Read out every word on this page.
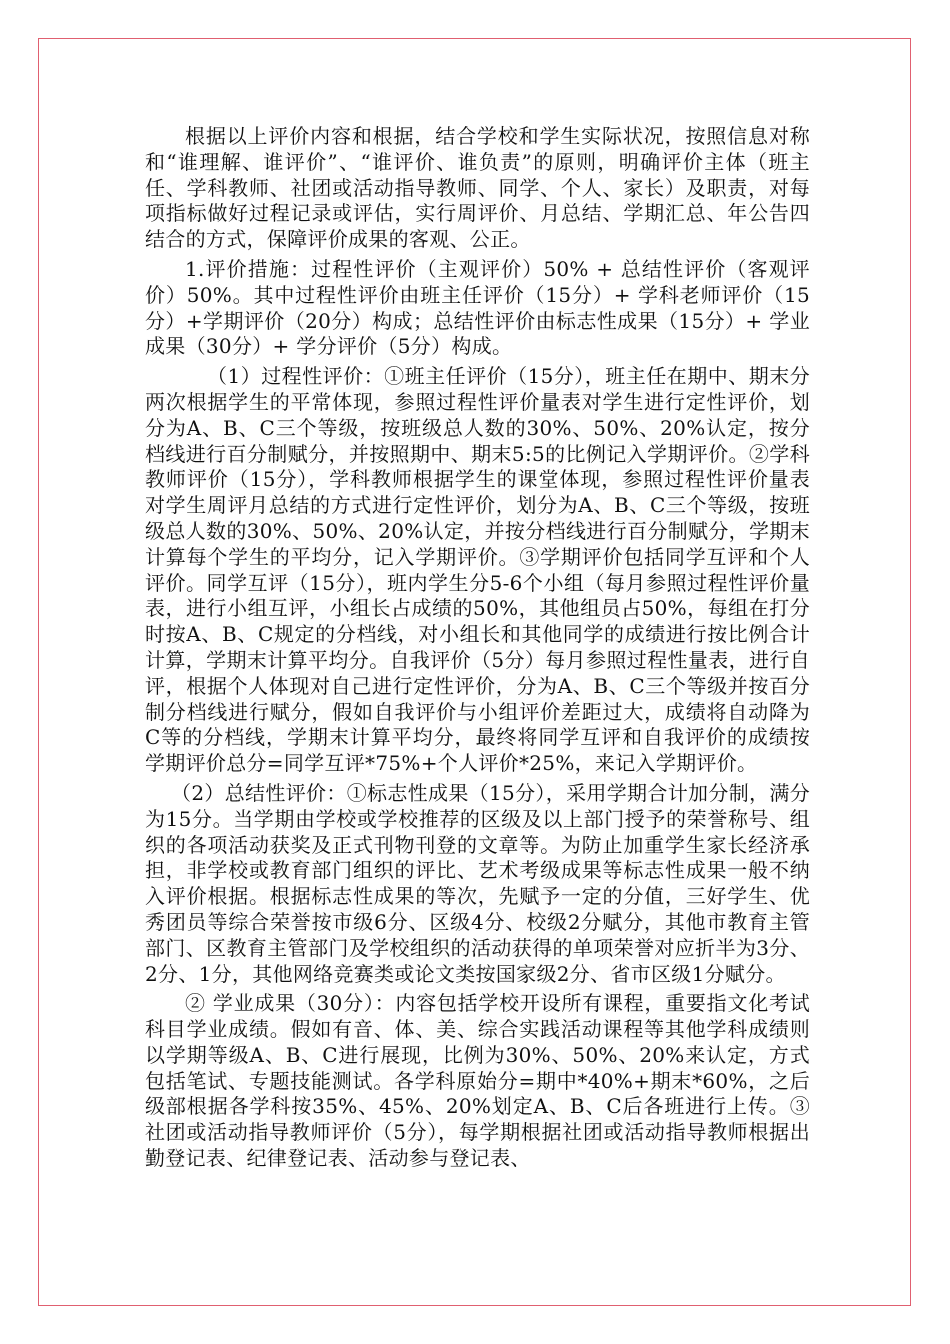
根据以上评价内容和根据，结合学校和学生实际状况，按照信息对称和“谁理解、谁评价”、“谁评价、谁负责”的原则，明确评价主体（班主任、学科教师、社团或活动指导教师、同学、个人、家长）及职责，对每项指标做好过程记录或评估，实行周评价、月总结、学期汇总、年公告四结合的方式，保障评价成果的客观、公正。

1.评价措施：过程性评价（主观评价）50% + 总结性评价（客观评价）50%。其中过程性评价由班主任评价（15分）+ 学科老师评价（15分）+学期评价（20分）构成；总结性评价由标志性成果（15分）+ 学业成果（30分）+ 学分评价（5分）构成。

（1）过程性评价：①班主任评价（15分），班主任在期中、期末分两次根据学生的平常体现，参照过程性评价量表对学生进行定性评价，划分为A、B、C三个等级，按班级总人数的30%、50%、20%认定，按分档线进行百分制赋分，并按照期中、期末5:5的比例记入学期评价。②学科教师评价（15分），学科教师根据学生的课堂体现，参照过程性评价量表对学生周评月总结的方式进行定性评价，划分为A、B、C三个等级，按班级总人数的30%、50%、20%认定，并按分档线进行百分制赋分，学期末计算每个学生的平均分，记入学期评价。③学期评价包括同学互评和个人评价。同学互评（15分），班内学生分5-6个小组（每月参照过程性评价量表，进行小组互评，小组长占成绩的50%，其他组员占50%，每组在打分时按A、B、C规定的分档线，对小组长和其他同学的成绩进行按比例合计计算，学期末计算平均分。自我评价（5分）每月参照过程性量表，进行自评，根据个人体现对自己进行定性评价，分为A、B、C三个等级并按百分制分档线进行赋分，假如自我评价与小组评价差距过大，成绩将自动降为C等的分档线，学期末计算平均分，最终将同学互评和自我评价的成绩按学期评价总分=同学互评*75%+个人评价*25%，来记入学期评价。

（2）总结性评价：①标志性成果（15分），采用学期合计加分制，满分为15分。当学期由学校或学校推荐的区级及以上部门授予的荣誉称号、组织的各项活动获奖及正式刊物刊登的文章等。为防止加重学生家长经济承担，非学校或教育部门组织的评比、艺术考级成果等标志性成果一般不纳入评价根据。根据标志性成果的等次，先赋予一定的分值，三好学生、优秀团员等综合荣誉按市级6分、区级4分、校级2分赋分，其他市教育主管部门、区教育主管部门及学校组织的活动获得的单项荣誉对应折半为3分、2分、1分，其他网络竞赛类或论文类按国家级2分、省市区级1分赋分。

② 学业成果（30分）：内容包括学校开设所有课程，重要指文化考试科目学业成绩。假如有音、体、美、综合实践活动课程等其他学科成绩则以学期等级A、B、C进行展现，比例为30%、50%、20%来认定，方式包括笔试、专题技能测试。各学科原始分=期中*40%+期末*60%，之后级部根据各学科按35%、45%、20%划定A、B、C后各班进行上传。③社团或活动指导教师评价（5分），每学期根据社团或活动指导教师根据出勤登记表、纪律登记表、活动参与登记表、
